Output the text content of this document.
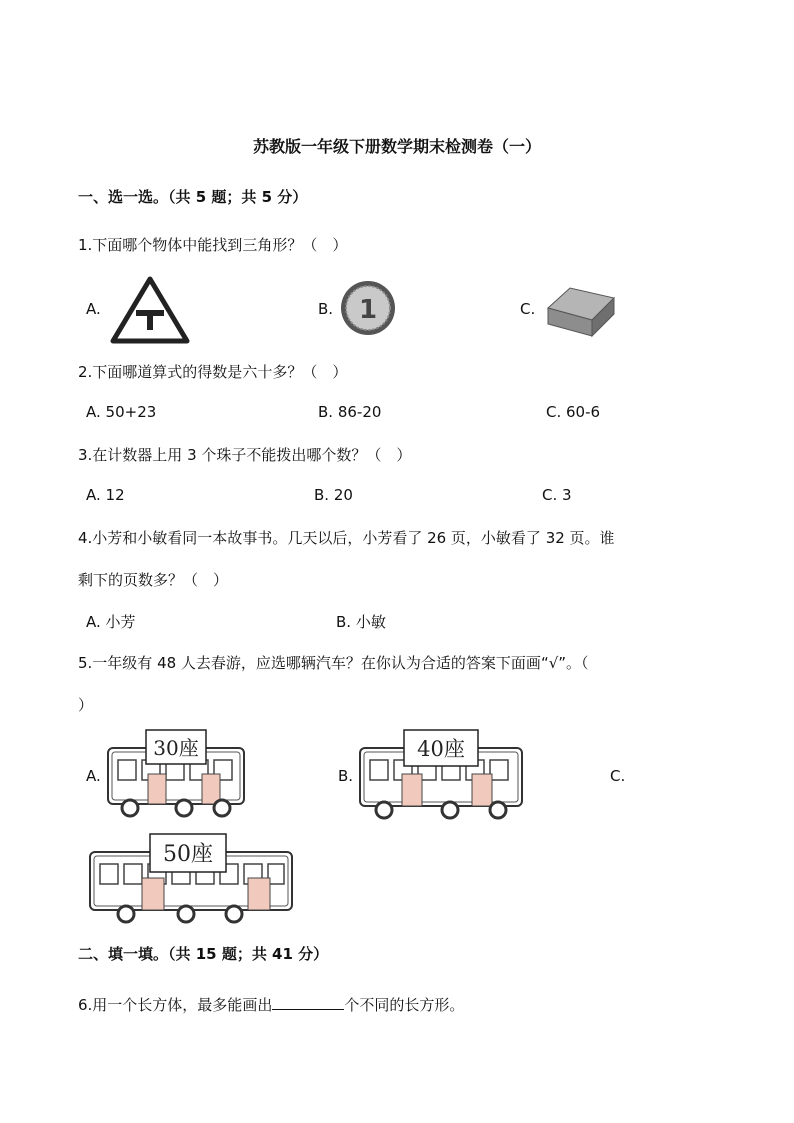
苏教版一年级下册数学期末检测卷（一）
一、选一选。（共 5 题；共 5 分）
1.下面哪个物体中能找到三角形？（　）
A.	B. 1	C.
2.下面哪道算式的得数是六十多？（　）
A. 50+23	B. 86-20	C. 60-6
3.在计数器上用 3 个珠子不能拨出哪个数？（　）
A. 12	B. 20	C. 3
4.小芳和小敏看同一本故事书。几天以后，小芳看了 26 页，小敏看了 32 页。谁
剩下的页数多？（　）
A. 小芳	B. 小敏
5.一年级有 48 人去春游，应选哪辆汽车？在你认为合适的答案下面画“√”。（
）
A.
30座
B.
40座
C.
50座
二、填一填。（共 15 题；共 41 分）
6.用一个长方体，最多能画出	个不同的长方形。
